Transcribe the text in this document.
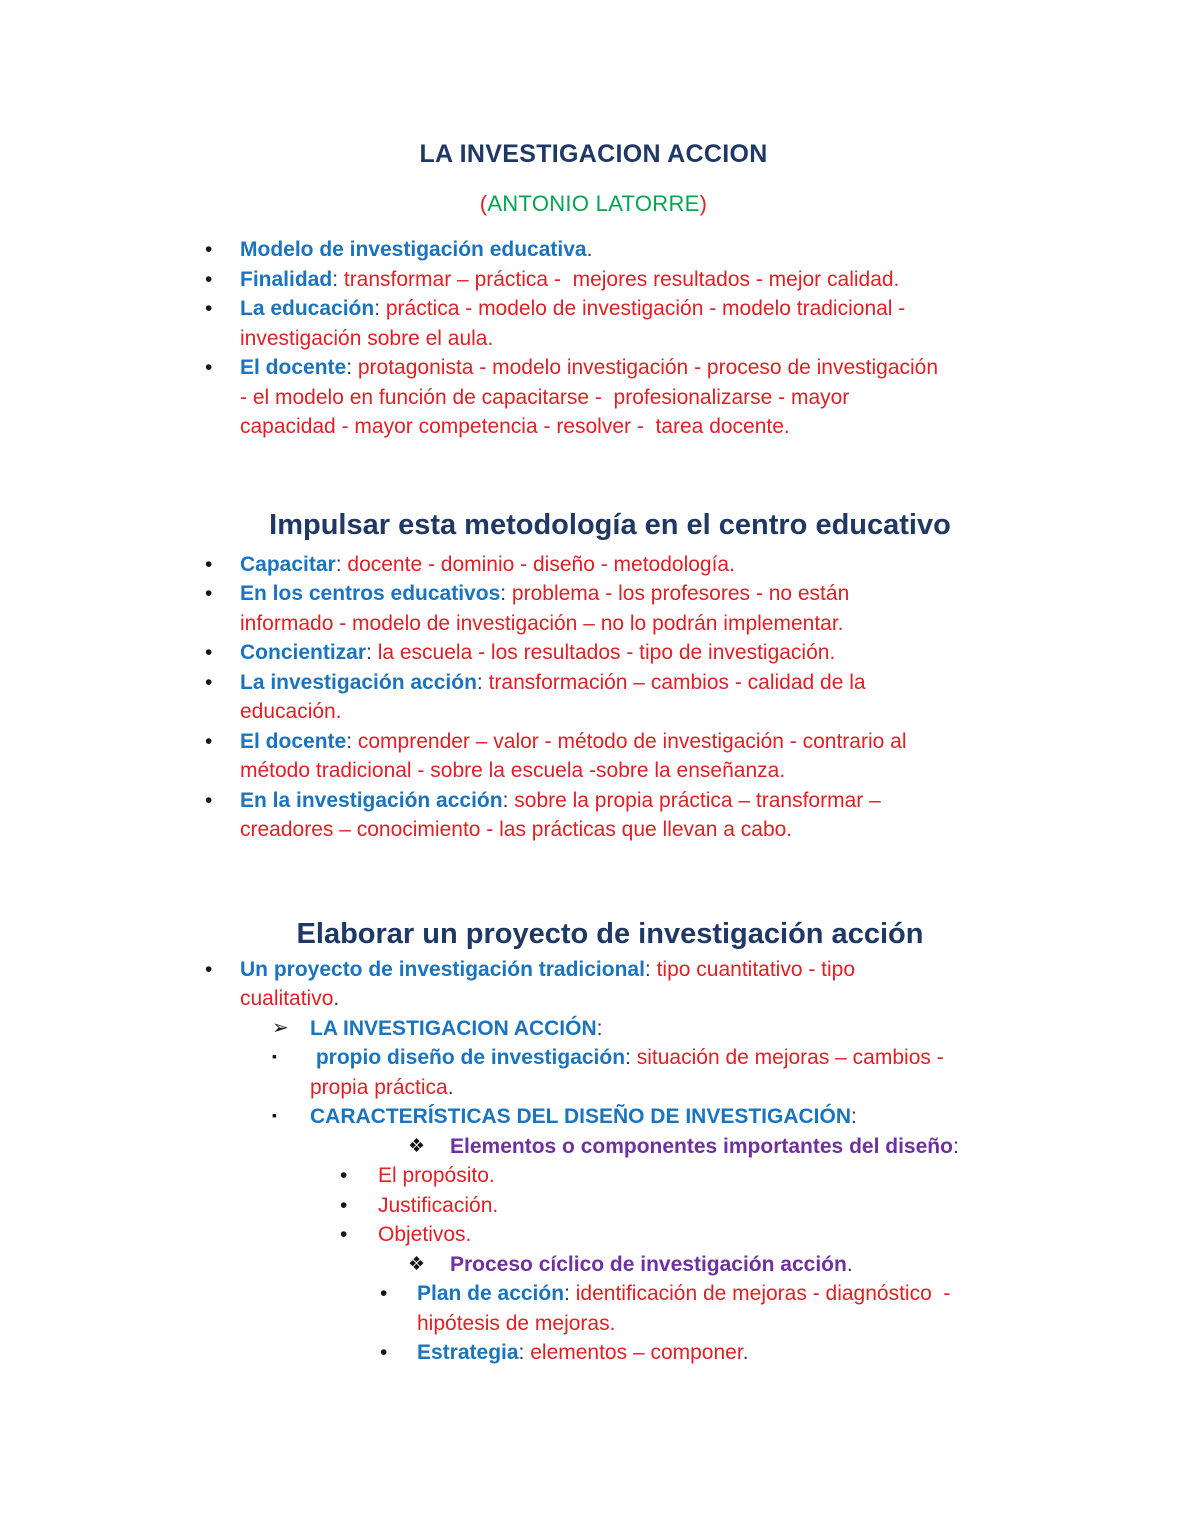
LA INVESTIGACION ACCION
(ANTONIO LATORRE)
•	Modelo de investigación educativa.
•	Finalidad: transformar – práctica -  mejores resultados - mejor calidad.
•	La educación: práctica - modelo de investigación - modelo tradicional -
investigación sobre el aula.
•	El docente: protagonista - modelo investigación - proceso de investigación
- el modelo en función de capacitarse -  profesionalizarse - mayor
capacidad - mayor competencia - resolver -  tarea docente.
Impulsar esta metodología en el centro educativo
•	Capacitar: docente - dominio - diseño - metodología.
•	En los centros educativos: problema - los profesores - no están
informado - modelo de investigación – no lo podrán implementar.
•	Concientizar: la escuela - los resultados - tipo de investigación.
•	La investigación acción: transformación – cambios - calidad de la
educación.
•	El docente: comprender – valor - método de investigación - contrario al
método tradicional - sobre la escuela -sobre la enseñanza.
•	En la investigación acción: sobre la propia práctica – transformar –
creadores – conocimiento - las prácticas que llevan a cabo.
Elaborar un proyecto de investigación acción
•	Un proyecto de investigación tradicional: tipo cuantitativo - tipo
cualitativo.
➢	LA INVESTIGACION ACCIÓN:
▪	propio diseño de investigación: situación de mejoras – cambios -
propia práctica.
▪	CARACTERÍSTICAS DEL DISEÑO DE INVESTIGACIÓN:
❖	Elementos o componentes importantes del diseño:
•	El propósito.
•	Justificación.
•	Objetivos.
❖	Proceso cíclico de investigación acción.
•	Plan de acción: identificación de mejoras - diagnóstico  -
hipótesis de mejoras.
•	Estrategia: elementos – componer.
